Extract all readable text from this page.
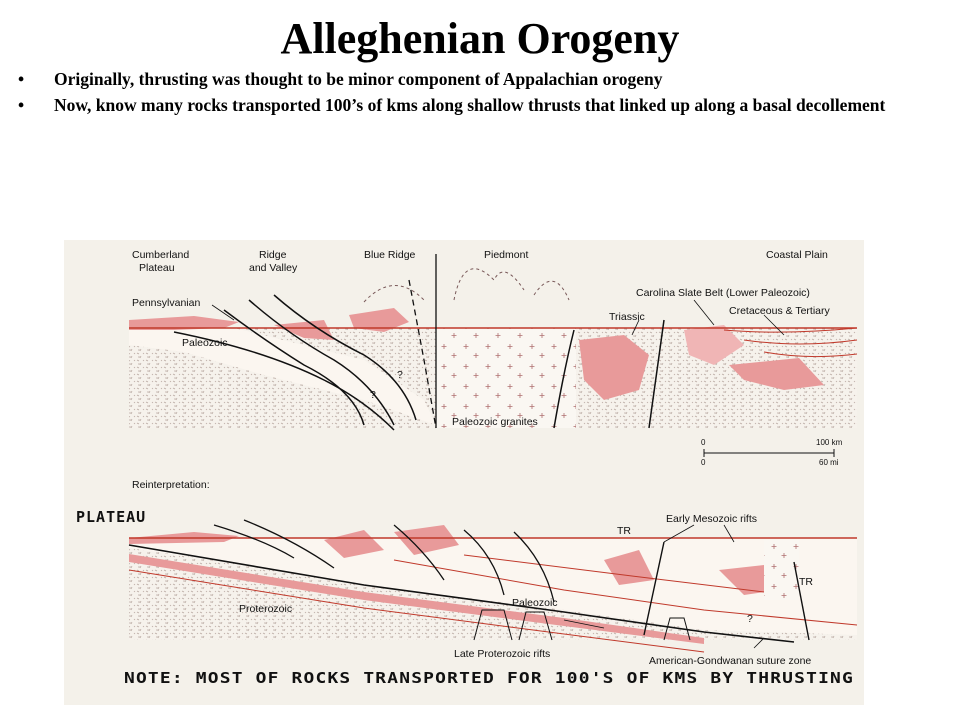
Alleghenian Orogeny
• Originally, thrusting was thought to be minor component of Appalachian orogeny
• Now, know many rocks transported 100’s of kms along shallow thrusts that linked up along a basal decollement
Cumberland
Plateau
Ridge
and Valley
Blue Ridge	Piedmont	Coastal Plain
Pennsylvanian
Paleozoic
Paleozoic granites
Triassic
Carolina Slate Belt (Lower Paleozoic)
Cretaceous & Tertiary
?
?
0	100 km
0	60 mi
Reinterpretation:
PLATEAU
TR
TR
Early Mesozoic rifts
Proterozoic	Paleozoic
Late Proterozoic rifts
American-Gondwanan suture zone
?
NOTE: MOST OF ROCKS TRANSPORTED FOR 100'S OF KMS BY THRUSTING
